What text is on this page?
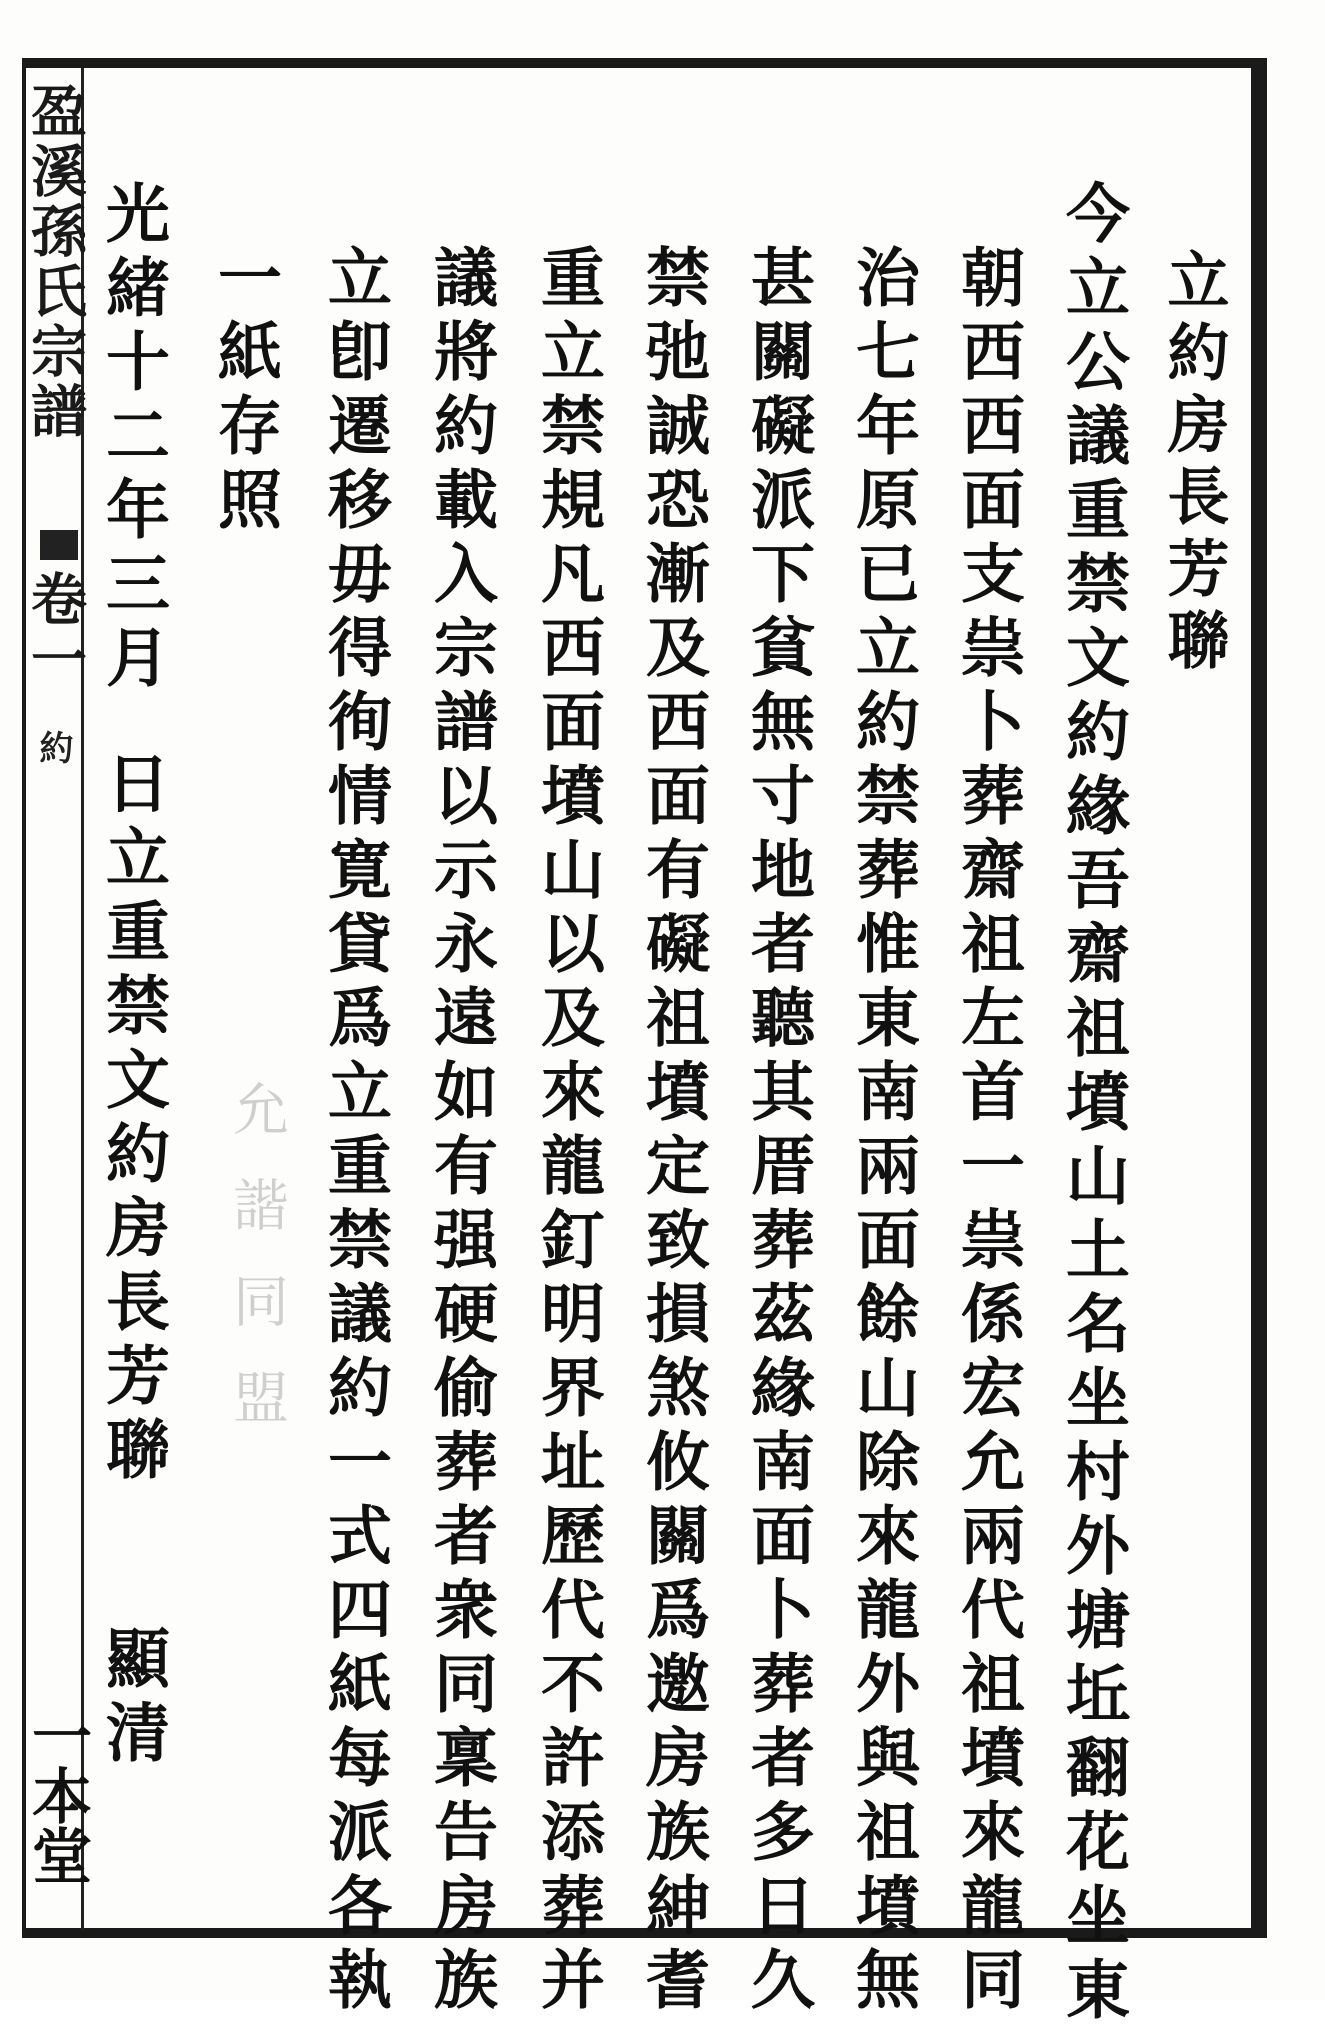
盈溪孫氏宗譜
卷一
約
一本堂
允諧同盟
立約房長芳聯
今立公議重禁文約緣吾齋祖墳山土名坐村外塘坵翻花坐東
朝西西面支祟卜葬齋祖左首一祟係宏允兩代祖墳來龍同
治七年原已立約禁葬惟東南兩面餘山除來龍外與祖墳無
甚關礙派下貧無寸地者聽其厝葬茲緣南面卜葬者多日久
禁弛誠恐漸及西面有礙祖墳定致損煞攸關爲邀房族紳耆
重立禁規凡西面墳山以及來龍釘明界址歷代不許添葬并
議將約載入宗譜以示永遠如有强硬偷葬者衆同稟告房族
立卽遷移毋得徇情寛貸爲立重禁議約一式四紙每派各執
一紙存照
光緒十二年三月
日立重禁文約房長芳聯
顯清
